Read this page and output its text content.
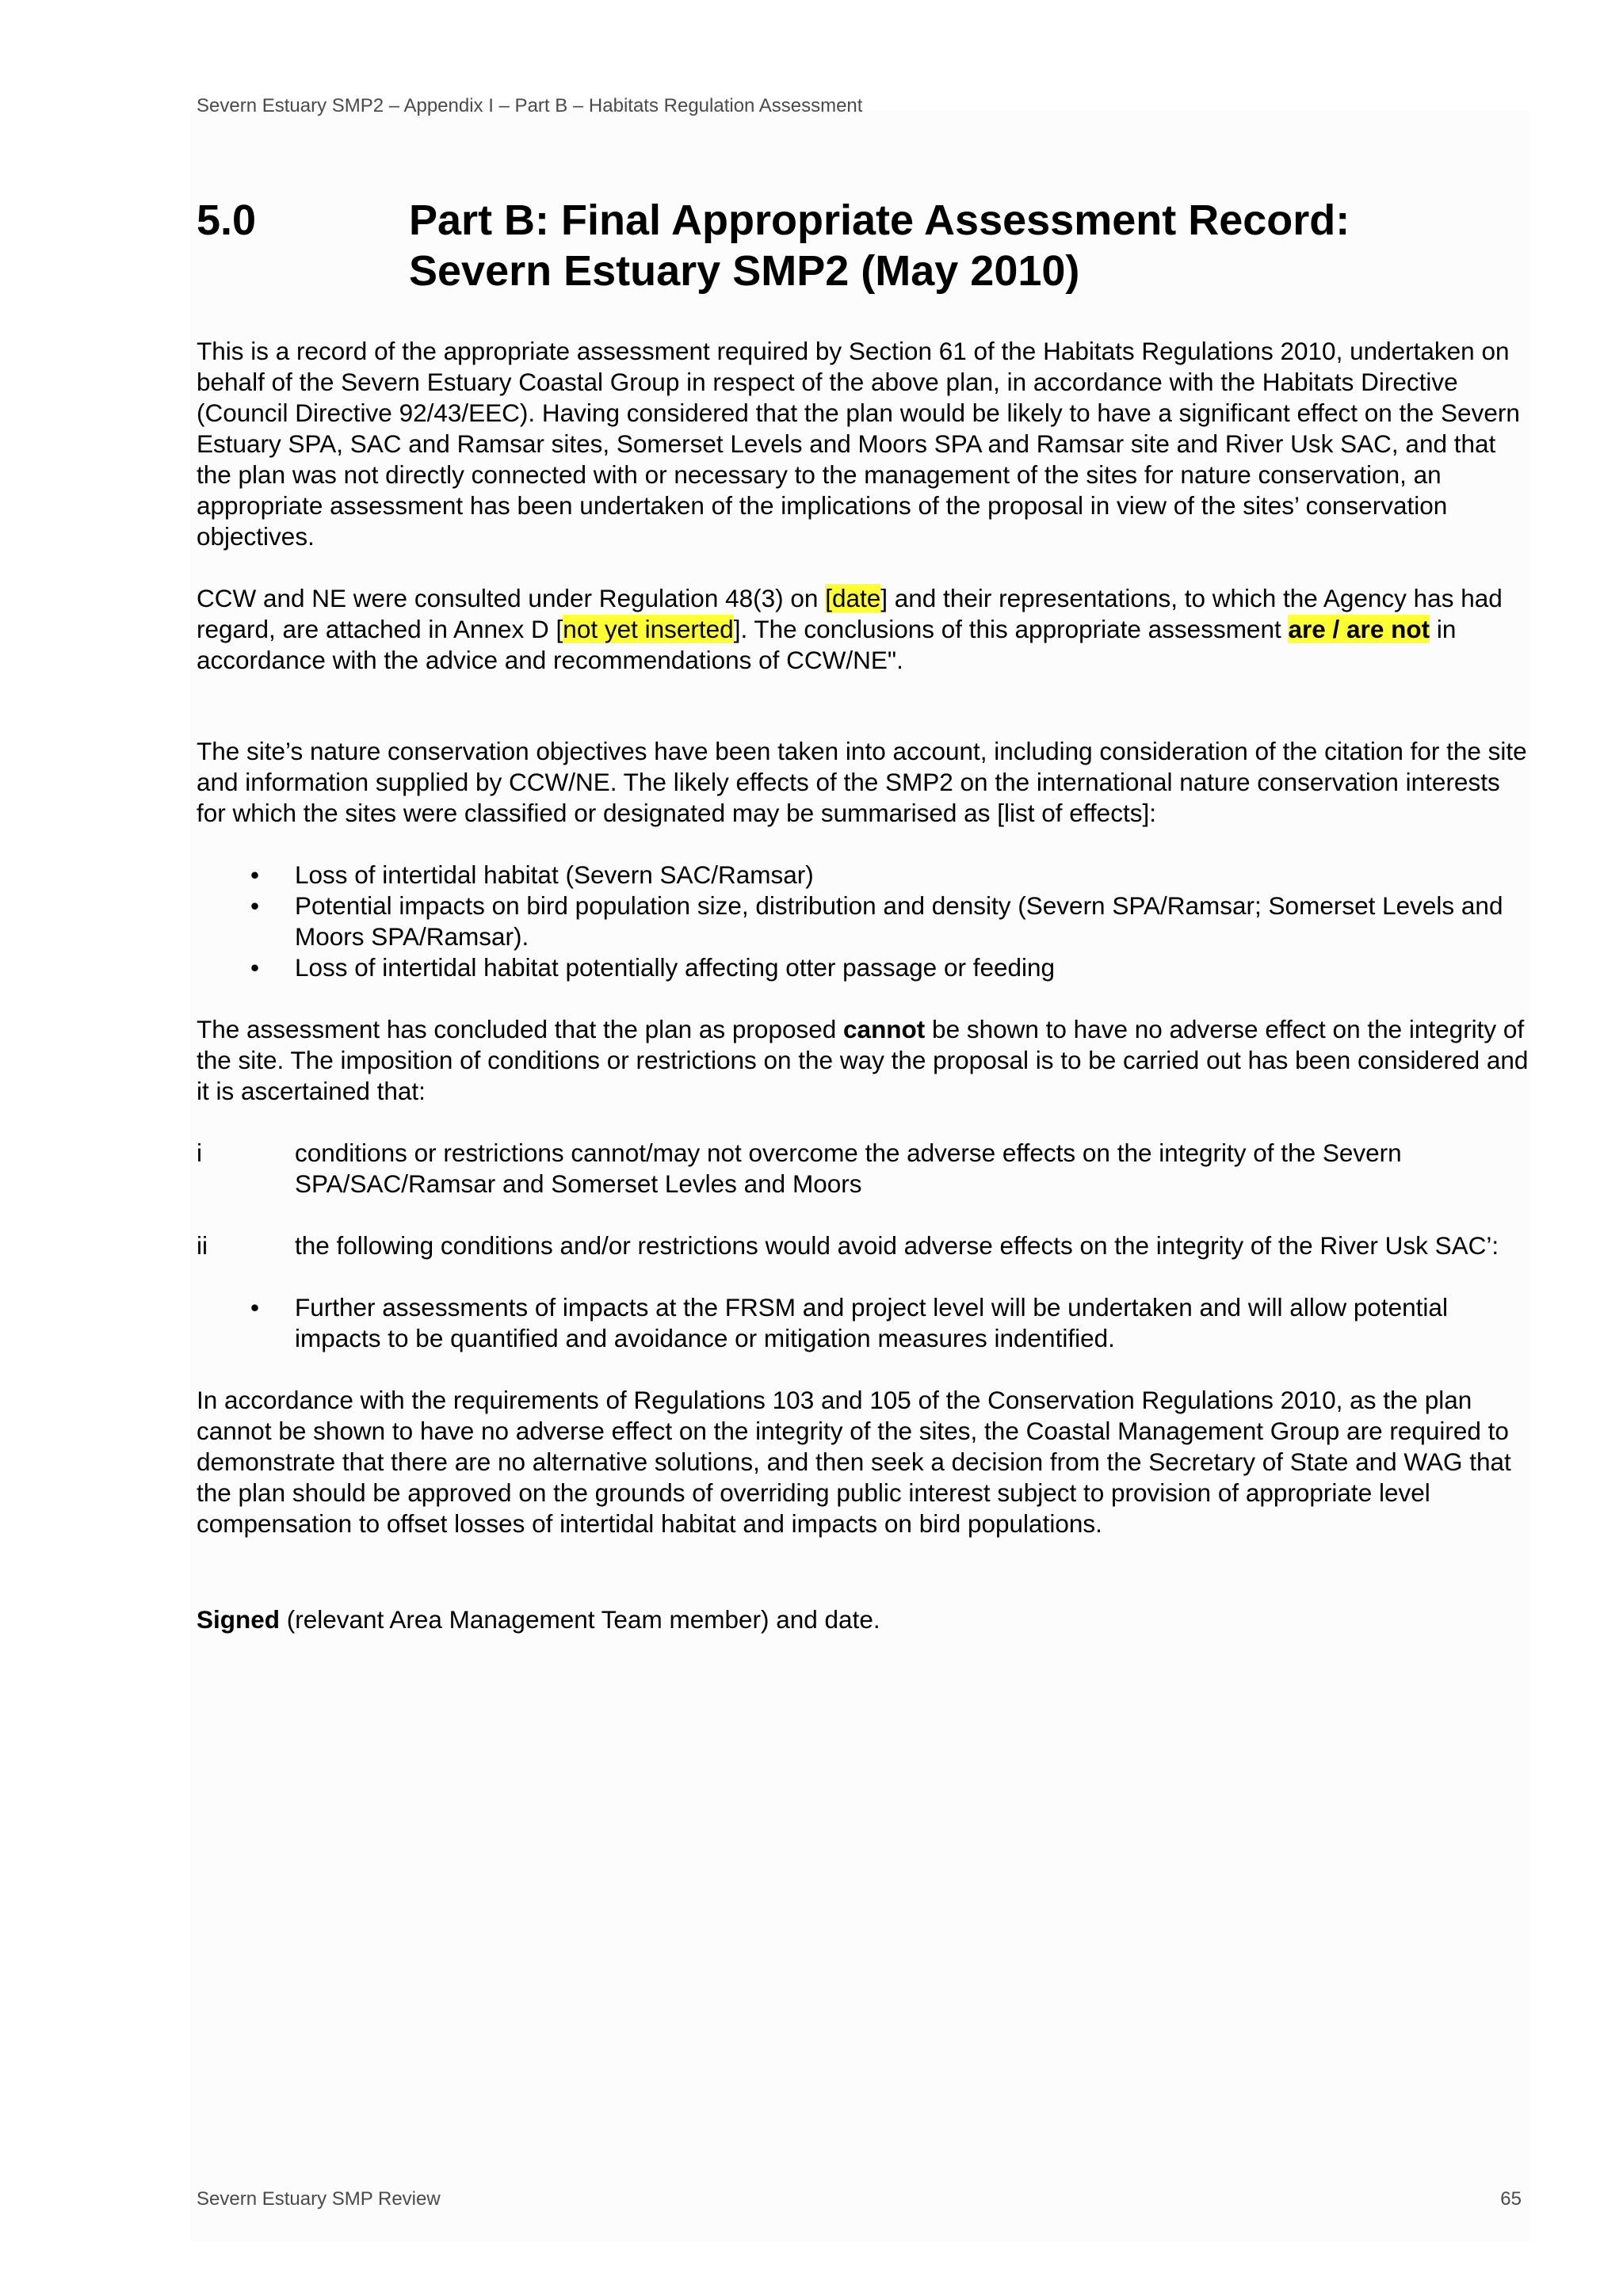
Severn Estuary SMP2 – Appendix I – Part B – Habitats Regulation Assessment
5.0	Part B: Final Appropriate Assessment Record:
Severn Estuary SMP2 (May 2010)

This is a record of the appropriate assessment required by Section 61 of the Habitats Regulations 2010, undertaken on behalf of the Severn Estuary Coastal Group in respect of the above plan, in accordance with the Habitats Directive (Council Directive 92/43/EEC). Having considered that the plan would be likely to have a significant effect on the Severn Estuary SPA, SAC and Ramsar sites, Somerset Levels and Moors SPA and Ramsar site and River Usk SAC, and that the plan was not directly connected with or necessary to the management of the sites for nature conservation, an appropriate assessment has been undertaken of the implications of the proposal in view of the sites’ conservation objectives.

CCW and NE were consulted under Regulation 48(3) on [date] and their representations, to which the Agency has had regard, are attached in Annex D [not yet inserted]. The conclusions of this appropriate assessment are / are not in accordance with the advice and recommendations of CCW/NE".

The site’s nature conservation objectives have been taken into account, including consideration of the citation for the site and information supplied by CCW/NE. The likely effects of the SMP2 on the international nature conservation interests for which the sites were classified or designated may be summarised as [list of effects]:

• Loss of intertidal habitat (Severn SAC/Ramsar)
• Potential impacts on bird population size, distribution and density (Severn SPA/Ramsar; Somerset Levels and Moors SPA/Ramsar).
• Loss of intertidal habitat potentially affecting otter passage or feeding

The assessment has concluded that the plan as proposed cannot be shown to have no adverse effect on the integrity of the site. The imposition of conditions or restrictions on the way the proposal is to be carried out has been considered and it is ascertained that:

i	conditions or restrictions cannot/may not overcome the adverse effects on the integrity of the Severn SPA/SAC/Ramsar and Somerset Levles and Moors
ii	the following conditions and/or restrictions would avoid adverse effects on the integrity of the River Usk SAC’:
• Further assessments of impacts at the FRSM and project level will be undertaken and will allow potential impacts to be quantified and avoidance or mitigation measures indentified.

In accordance with the requirements of Regulations 103 and 105 of the Conservation Regulations 2010, as the plan cannot be shown to have no adverse effect on the integrity of the sites, the Coastal Management Group are required to demonstrate that there are no alternative solutions, and then seek a decision from the Secretary of State and WAG that the plan should be approved on the grounds of overriding public interest subject to provision of appropriate level compensation to offset losses of intertidal habitat and impacts on bird populations.

Signed (relevant Area Management Team member) and date.

Severn Estuary SMP Review	65
